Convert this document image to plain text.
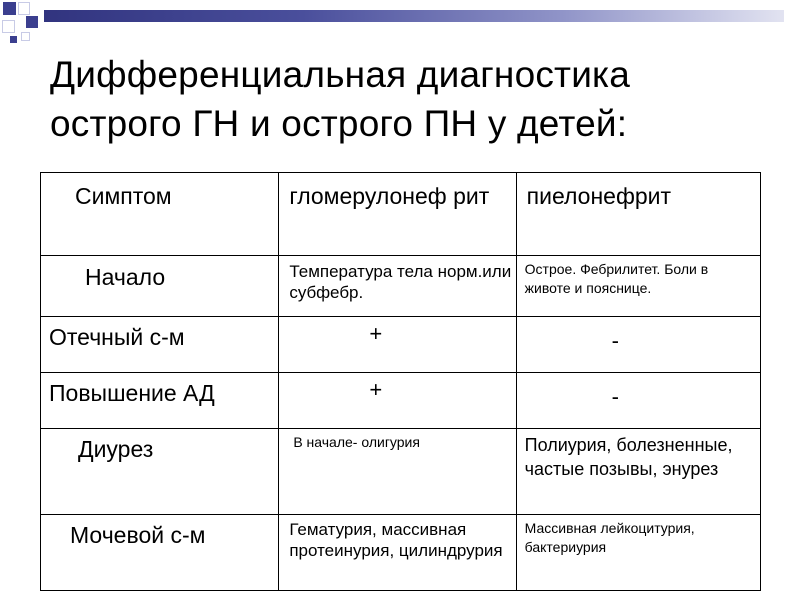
Дифференциальная диагностика
острого ГН и острого ПН у детей:
Симптом	гломерулонеф рит	пиелонефрит

Начало	Температура тела норм.или субфебр.	Острое. Фебрилитет. Боли в животе и пояснице.

Отечный с-м	+	-

Повышение АД	+	-

Диурез	В начале- олигурия	Полиурия, болезненные, частые позывы, энурез

Мочевой с-м	Гематурия, массивная протеинурия, цилиндрурия	Массивная лейкоцитурия, бактериурия
